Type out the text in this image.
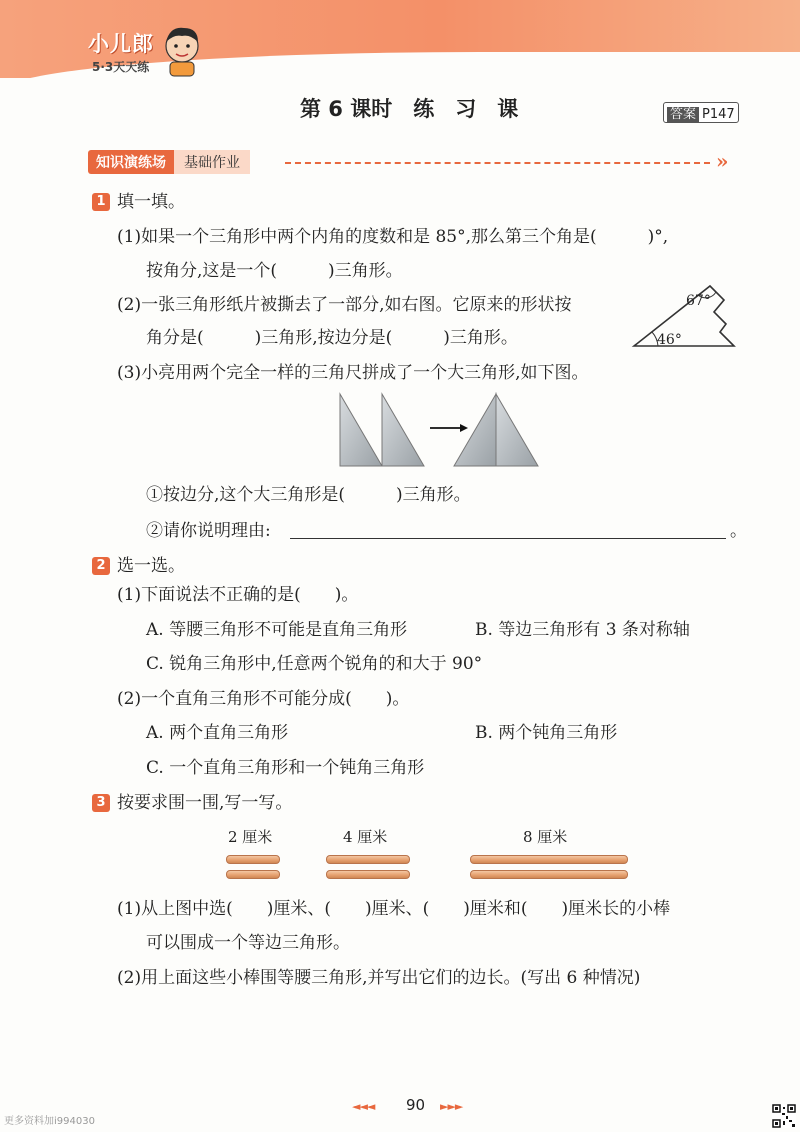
小儿郎
5·3天天练
第 6 课时　练　习　课	答案 P147
知识演练场	基础作业	»
1 填一填。
(1)如果一个三角形中两个内角的度数和是 85°,那么第三个角是(　　　)°,
按角分,这是一个(　　　)三角形。
(2)一张三角形纸片被撕去了一部分,如右图。它原来的形状按
角分是(　　　)三角形,按边分是(　　　)三角形。
67°
46°
(3)小亮用两个完全一样的三角尺拼成了一个大三角形,如下图。
①按边分,这个大三角形是(　　　)三角形。
②请你说明理由:	。
2 选一选。
(1)下面说法不正确的是(　　)。
A. 等腰三角形不可能是直角三角形	B. 等边三角形有 3 条对称轴
C. 锐角三角形中,任意两个锐角的和大于 90°
(2)一个直角三角形不可能分成(　　)。
A. 两个直角三角形	B. 两个钝角三角形
C. 一个直角三角形和一个钝角三角形
3 按要求围一围,写一写。
2 厘米	4 厘米	8 厘米
(1)从上图中选(　　)厘米、(　　)厘米、(　　)厘米和(　　)厘米长的小棒
可以围成一个等边三角形。
(2)用上面这些小棒围等腰三角形,并写出它们的边长。(写出 6 种情况)
◄◄◄ 90 ►►►
更多资料加i994030
